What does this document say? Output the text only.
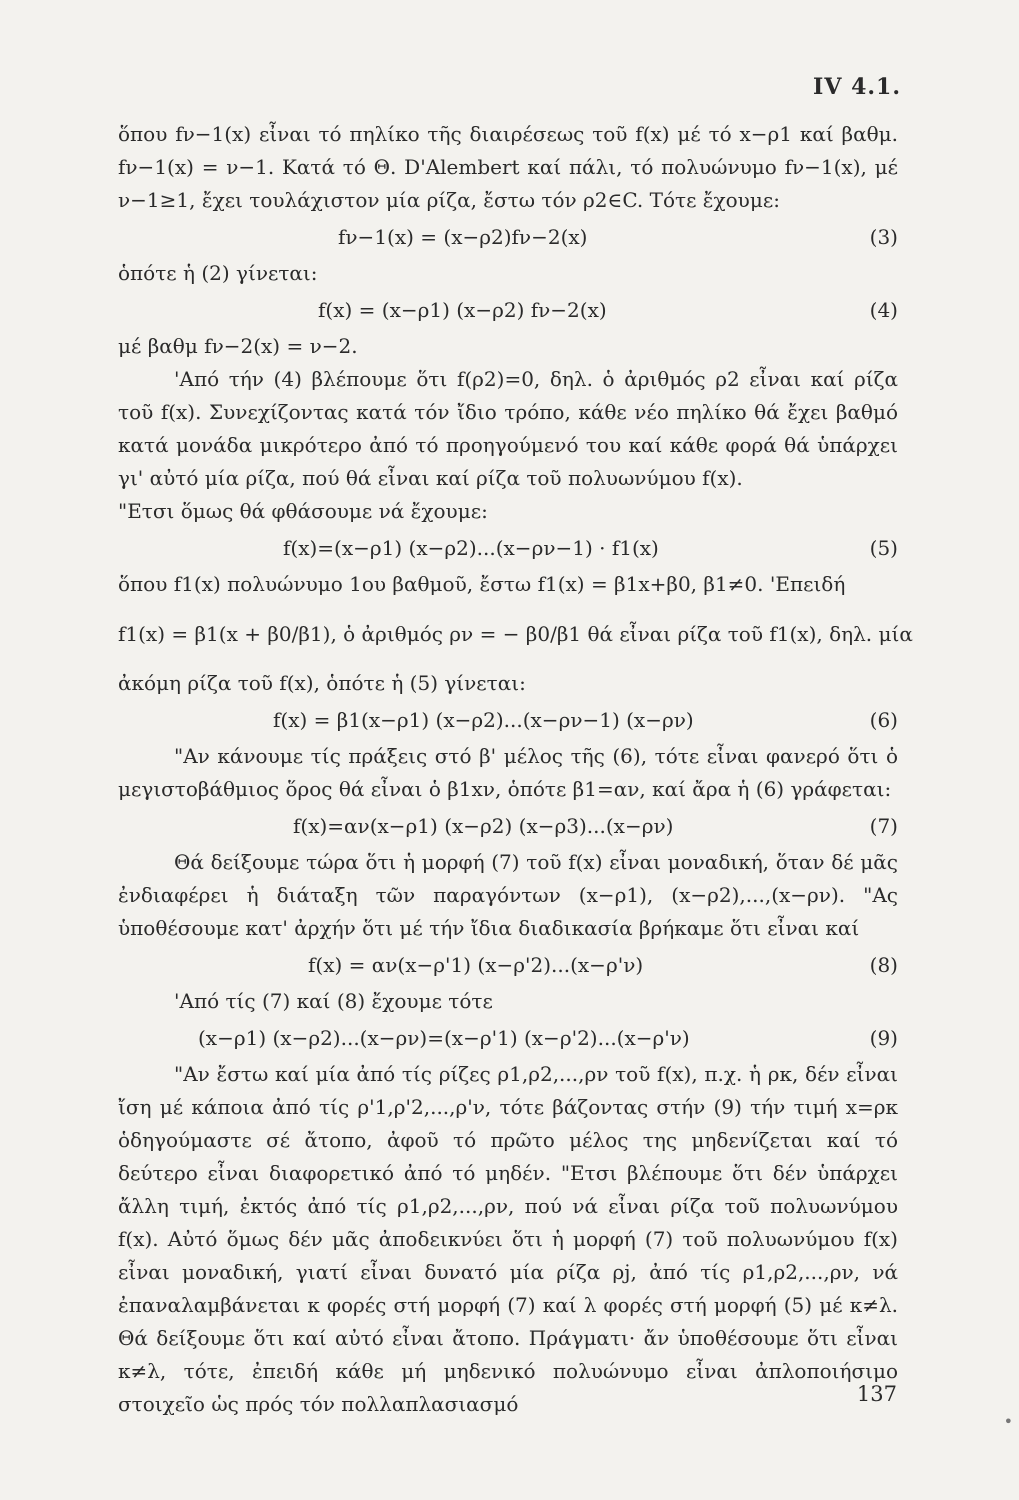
IV 4.1.

ὅπου fν−1(x) εἶναι τό πηλίκο τῆς διαιρέσεως τοῦ f(x) μέ τό x−ρ1 καί βαθμ. fν−1(x) = ν−1. Κατά τό Θ. D'Alembert καί πάλι, τό πολυώνυμο fν−1(x), μέ ν−1≥1, ἔχει τουλάχιστον μία ρίζα, ἔστω τόν ρ2∈C. Τότε ἔχουμε:

fν−1(x) = (x−ρ2)fν−2(x)	(3)

ὁπότε ἡ (2) γίνεται:

f(x) = (x−ρ1) (x−ρ2) fν−2(x)	(4)

μέ βαθμ fν−2(x) = ν−2.

'Από τήν (4) βλέπουμε ὅτι f(ρ2)=0, δηλ. ὁ ἀριθμός ρ2 εἶναι καί ρίζα τοῦ f(x). Συνεχίζοντας κατά τόν ἴδιο τρόπο, κάθε νέο πηλίκο θά ἔχει βαθμό κατά μονάδα μικρότερο ἀπό τό προηγούμενό του καί κάθε φορά θά ὑπάρχει γι' αὐτό μία ρίζα, πού θά εἶναι καί ρίζα τοῦ πολυωνύμου f(x).

"Ετσι ὅμως θά φθάσουμε νά ἔχουμε:

f(x)=(x−ρ1) (x−ρ2)...(x−ρν−1) · f1(x)	(5)

ὅπου f1(x) πολυώνυμο 1ου βαθμοῦ, ἔστω f1(x) = β1x+β0, β1≠0. 'Επειδή

f1(x) = β1(x + β0/β1), ὁ ἀριθμός ρν = − β0/β1 θά εἶναι ρίζα τοῦ f1(x), δηλ. μία

ἀκόμη ρίζα τοῦ f(x), ὁπότε ἡ (5) γίνεται:

f(x) = β1(x−ρ1) (x−ρ2)...(x−ρν−1) (x−ρν)	(6)

"Αν κάνουμε τίς πράξεις στό β' μέλος τῆς (6), τότε εἶναι φανερό ὅτι ὁ μεγιστοβάθμιος ὅρος θά εἶναι ὁ β1xν, ὁπότε β1=αν, καί ἄρα ἡ (6) γράφεται:

f(x)=αν(x−ρ1) (x−ρ2) (x−ρ3)...(x−ρν)	(7)

Θά δείξουμε τώρα ὅτι ἡ μορφή (7) τοῦ f(x) εἶναι μοναδική, ὅταν δέ μᾶς ἐνδιαφέρει ἡ διάταξη τῶν παραγόντων (x−ρ1), (x−ρ2),...,(x−ρν). "Ας ὑποθέσουμε κατ' ἀρχήν ὅτι μέ τήν ἴδια διαδικασία βρήκαμε ὅτι εἶναι καί

f(x) = αν(x−ρ'1) (x−ρ'2)...(x−ρ'ν)	(8)

'Από τίς (7) καί (8) ἔχουμε τότε

(x−ρ1) (x−ρ2)...(x−ρν)=(x−ρ'1) (x−ρ'2)...(x−ρ'ν)	(9)

"Αν ἔστω καί μία ἀπό τίς ρίζες ρ1,ρ2,...,ρν τοῦ f(x), π.χ. ἡ ρκ, δέν εἶναι ἴση μέ κάποια ἀπό τίς ρ'1,ρ'2,...,ρ'ν, τότε βάζοντας στήν (9) τήν τιμή x=ρκ ὁδηγούμαστε σέ ἄτοπο, ἀφοῦ τό πρῶτο μέλος της μηδενίζεται καί τό δεύτερο εἶναι διαφορετικό ἀπό τό μηδέν. "Ετσι βλέπουμε ὅτι δέν ὑπάρχει ἄλλη τιμή, ἐκτός ἀπό τίς ρ1,ρ2,...,ρν, πού νά εἶναι ρίζα τοῦ πολυωνύμου f(x). Αὐτό ὅμως δέν μᾶς ἀποδεικνύει ὅτι ἡ μορφή (7) τοῦ πολυωνύμου f(x) εἶναι μοναδική, γιατί εἶναι δυνατό μία ρίζα ρj, ἀπό τίς ρ1,ρ2,...,ρν, νά ἐπαναλαμβάνεται κ φορές στή μορφή (7) καί λ φορές στή μορφή (5) μέ κ≠λ. Θά δείξουμε ὅτι καί αὐτό εἶναι ἄτοπο. Πράγματι· ἄν ὑποθέσουμε ὅτι εἶναι κ≠λ, τότε, ἐπειδή κάθε μή μηδενικό πολυώνυμο εἶναι ἀπλοποιήσιμο στοιχεῖο ὡς πρός τόν πολλαπλασιασμό	137
•
